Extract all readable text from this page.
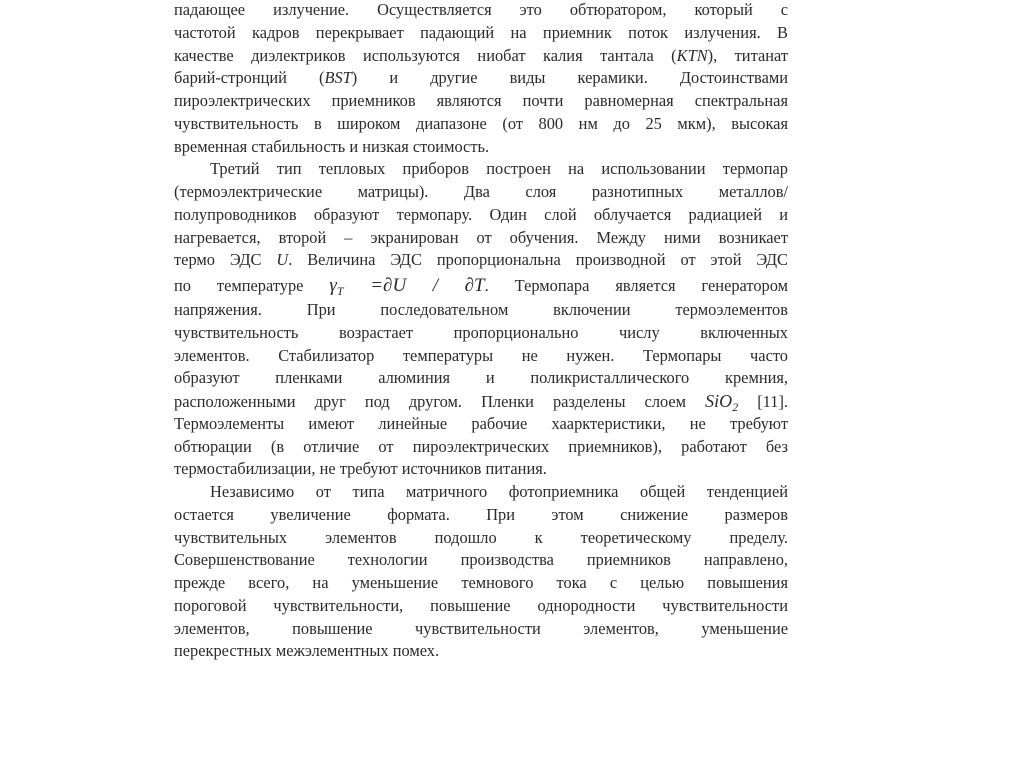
падающее излучение. Осуществляется это обтюратором, который с
частотой кадров перекрывает падающий на приемник поток излучения. В
качестве диэлектриков используются ниобат калия тантала (KTN), титанат
барий-стронций (BST) и другие виды керамики. Достоинствами
пироэлектрических приемников являются почти равномерная спектральная
чувствительность в широком диапазоне (от 800 нм до 25 мкм), высокая
временная стабильность и низкая стоимость.
Третий тип тепловых приборов построен на использовании термопар
(термоэлектрические матрицы). Два слоя разнотипных металлов/
полупроводников образуют термопару. Один слой облучается радиацией и
нагревается, второй – экранирован от обучения. Между ними возникает
термо ЭДС U. Величина ЭДС пропорциональна производной от этой ЭДС
по температуре $\gamma_T =\partial U / \partial T$. Термопара является генератором
напряжения. При последовательном включении термоэлементов
чувствительность возрастает пропорционально числу включенных
элементов. Стабилизатор температуры не нужен. Термопары часто
образуют пленками алюминия и поликристаллического кремния,
расположенными друг под другом. Пленки разделены слоем SiO$_2$ [11].
Термоэлементы имеют линейные рабочие хаарктеристики, не требуют
обтюрации (в отличие от пироэлектрических приемников), работают без
термостабилизации, не требуют источников питания.
Независимо от типа матричного фотоприемника общей тенденцией
остается увеличение формата. При этом снижение размеров
чувствительных элементов подошло к теоретическому пределу.
Совершенствование технологии производства приемников направлено,
прежде всего, на уменьшение темнового тока с целью повышения
пороговой чувствительности, повышение однородности чувствительности
элементов, повышение чувствительности элементов, уменьшение
перекрестных межэлементных помех.
